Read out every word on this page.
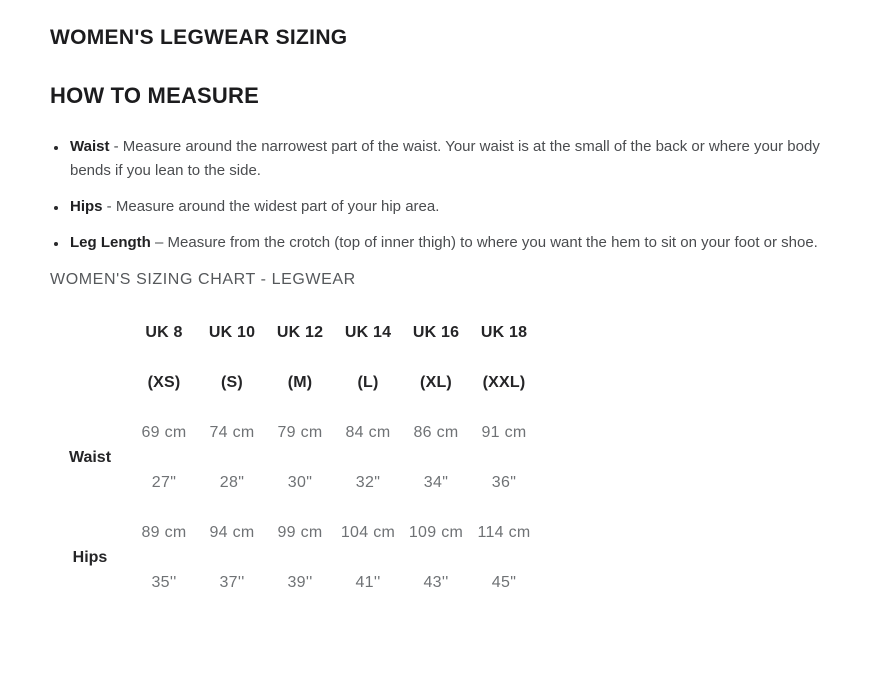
WOMEN'S LEGWEAR SIZING
HOW TO MEASURE
• Waist - Measure around the narrowest part of the waist. Your waist is at the small of the back or where your body bends if you lean to the side.
• Hips - Measure around the widest part of your hip area.
• Leg Length – Measure from the crotch (top of inner thigh) to where you want the hem to sit on your foot or shoe.
WOMEN'S SIZING CHART - LEGWEAR
	UK 8	UK 10	UK 12	UK 14	UK 16	UK 18
	(XS)	(S)	(M)	(L)	(XL)	(XXL)
Waist	69 cm	74 cm	79 cm	84 cm	86 cm	91 cm
	27"	28"	30"	32"	34"	36"
Hips	89 cm	94 cm	99 cm	104 cm	109 cm	114 cm
	35''	37''	39''	41''	43''	45"
